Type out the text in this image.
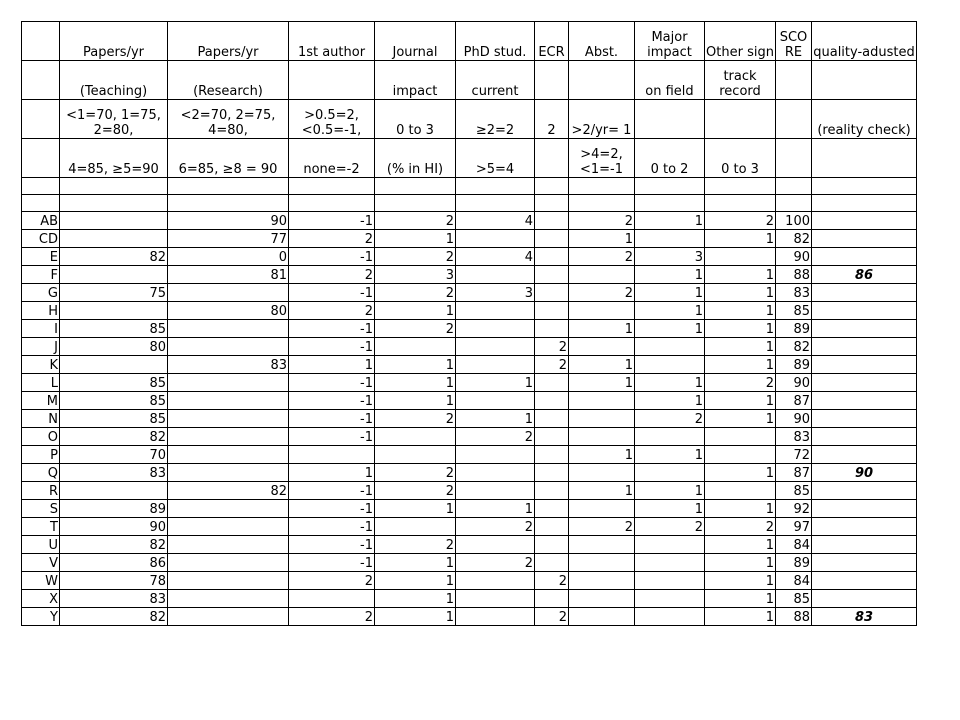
	Papers/yr	Papers/yr	1st author	Journal	PhD stud.	ECR	Abst.	Major impact	Other sign	SCO RE	quality-adusted
	(Teaching)	(Research)		impact	current			on field	track record		
	<1=70, 1=75, 2=80,	<2=70, 2=75, 4=80,	>0.5=2, <0.5=-1,	0 to 3	≥2=2	2	>2/yr= 1				(reality check)
	4=85, ≥5=90	6=85, ≥8 = 90	none=-2	(% in HI)	>5=4		>4=2, <1=-1	0 to 2	0 to 3		

AB		90	-1	2	4		2	1	2	100	
CD		77	2	1			1		1	82	
E	82	0	-1	2	4		2	3		90	
F		81	2	3				1	1	88	86
G	75		-1	2	3		2	1	1	83	
H		80	2	1				1	1	85	
I	85		-1	2			1	1	1	89	
J	80		-1			2			1	82	
K		83	1	1		2	1		1	89	
L	85		-1	1	1		1	1	2	90	
M	85		-1	1				1	1	87	
N	85		-1	2	1			2	1	90	
O	82		-1		2					83	
P	70						1	1		72	
Q	83		1	2					1	87	90
R		82	-1	2			1	1		85	
S	89		-1	1	1			1	1	92	
T	90		-1		2		2	2	2	97	
U	82		-1	2					1	84	
V	86		-1	1	2				1	89	
W	78		2	1		2			1	84	
X	83			1					1	85	
Y	82		2	1		2			1	88	83
